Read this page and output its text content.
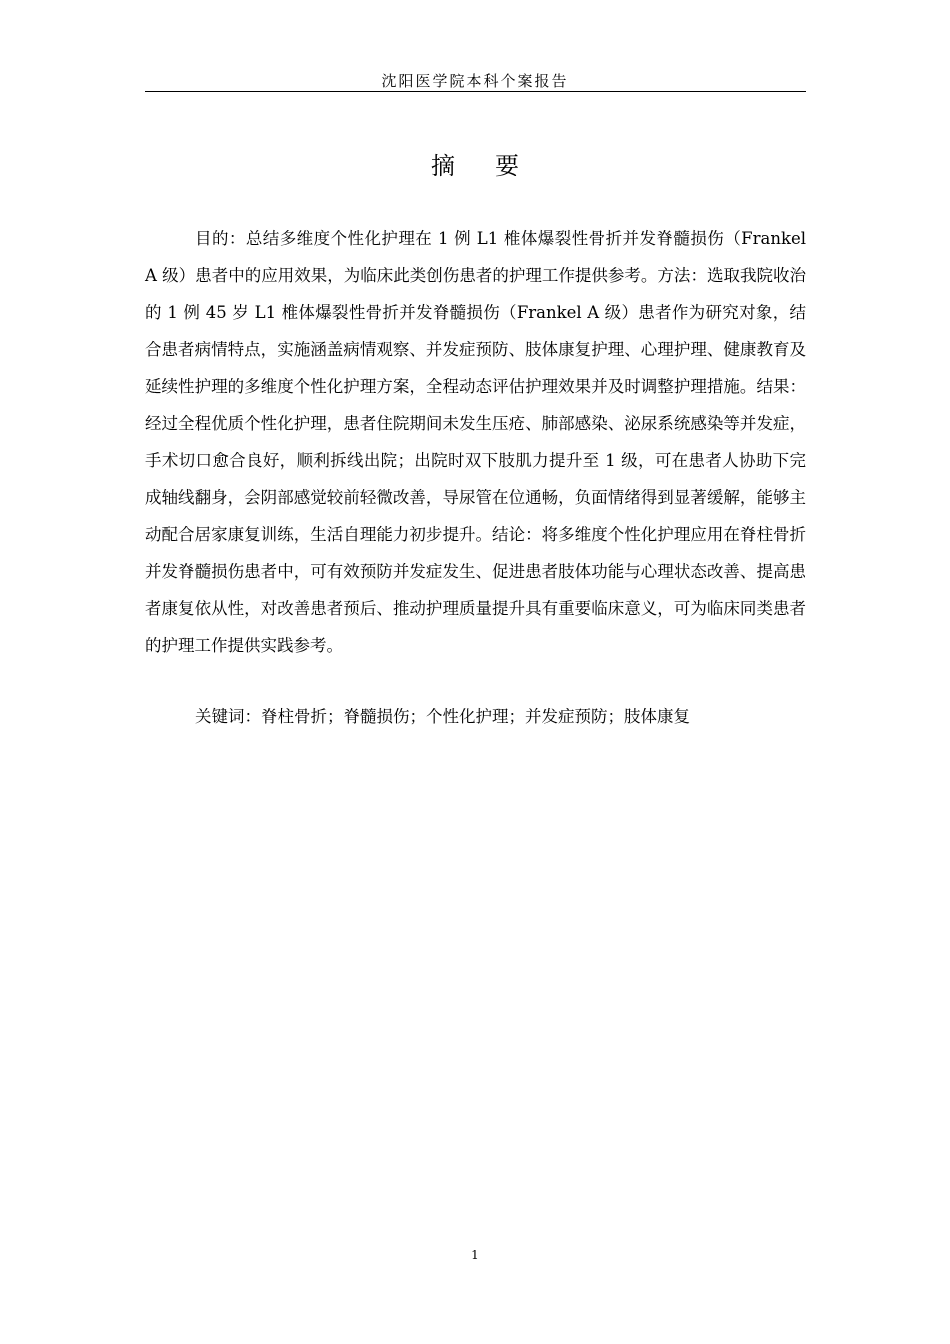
沈阳医学院本科个案报告
摘 要

目的：总结多维度个性化护理在 1 例 L1 椎体爆裂性骨折并发脊髓损伤（Frankel A 级）患者中的应用效果，为临床此类创伤患者的护理工作提供参考。方法：选取我院收治的 1 例 45 岁 L1 椎体爆裂性骨折并发脊髓损伤（Frankel A 级）患者作为研究对象，结合患者病情特点，实施涵盖病情观察、并发症预防、肢体康复护理、心理护理、健康教育及延续性护理的多维度个性化护理方案，全程动态评估护理效果并及时调整护理措施。结果：经过全程优质个性化护理，患者住院期间未发生压疮、肺部感染、泌尿系统感染等并发症，手术切口愈合良好，顺利拆线出院；出院时双下肢肌力提升至 1 级，可在患者人协助下完成轴线翻身，会阴部感觉较前轻微改善，导尿管在位通畅，负面情绪得到显著缓解，能够主动配合居家康复训练，生活自理能力初步提升。结论：将多维度个性化护理应用在脊柱骨折并发脊髓损伤患者中，可有效预防并发症发生、促进患者肢体功能与心理状态改善、提高患者康复依从性，对改善患者预后、推动护理质量提升具有重要临床意义，可为临床同类患者的护理工作提供实践参考。

关键词：脊柱骨折；脊髓损伤；个性化护理；并发症预防；肢体康复
1
